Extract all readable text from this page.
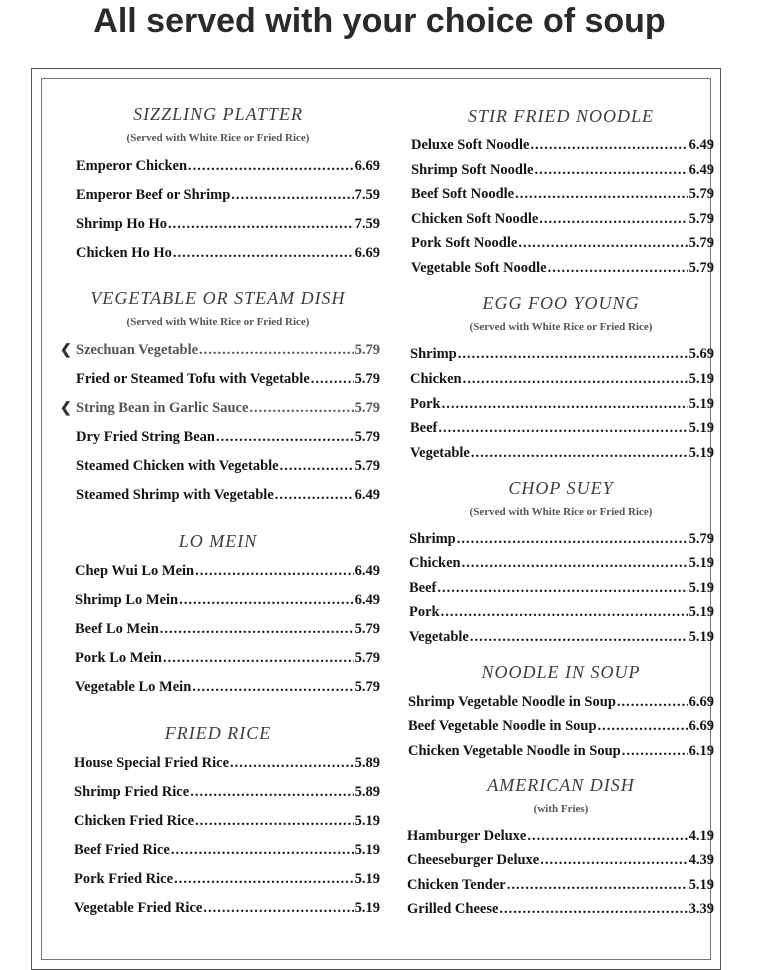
All served with your choice of soup
SIZZLING PLATTER
(Served with White Rice or Fried Rice)
Emperor Chicken .....	6.69
Emperor Beef or Shrimp .....	7.59
Shrimp Ho Ho .....	7.59
Chicken Ho Ho .....	6.69
VEGETABLE OR STEAM DISH
(Served with White Rice or Fried Rice)
❮ Szechuan Vegetable .....	5.79
Fried or Steamed Tofu with Vegetable .....	5.79
❮ String Bean in Garlic Sauce .....	5.79
Dry Fried String Bean .....	5.79
Steamed Chicken with Vegetable .....	5.79
Steamed Shrimp with Vegetable .....	6.49
LO MEIN
Chep Wui Lo Mein .....	6.49
Shrimp Lo Mein .....	6.49
Beef Lo Mein .....	5.79
Pork Lo Mein .....	5.79
Vegetable Lo Mein .....	5.79
FRIED RICE
House Special Fried Rice .....	5.89
Shrimp Fried Rice .....	5.89
Chicken Fried Rice .....	5.19
Beef Fried Rice .....	5.19
Pork Fried Rice .....	5.19
Vegetable Fried Rice .....	5.19
STIR FRIED NOODLE
Deluxe Soft Noodle .....	6.49
Shrimp Soft Noodle .....	6.49
Beef Soft Noodle .....	5.79
Chicken Soft Noodle .....	5.79
Pork Soft Noodle .....	5.79
Vegetable Soft Noodle .....	5.79
EGG FOO YOUNG
(Served with White Rice or Fried Rice)
Shrimp .....	5.69
Chicken .....	5.19
Pork .....	5.19
Beef .....	5.19
Vegetable .....	5.19
CHOP SUEY
(Served with White Rice or Fried Rice)
Shrimp .....	5.79
Chicken .....	5.19
Beef .....	5.19
Pork .....	5.19
Vegetable .....	5.19
NOODLE IN SOUP
Shrimp Vegetable Noodle in Soup .....	6.69
Beef Vegetable Noodle in Soup .....	6.69
Chicken Vegetable Noodle in Soup .....	6.19
AMERICAN DISH
(with Fries)
Hamburger Deluxe .....	4.19
Cheeseburger Deluxe .....	4.39
Chicken Tender .....	5.19
Grilled Cheese .....	3.39
